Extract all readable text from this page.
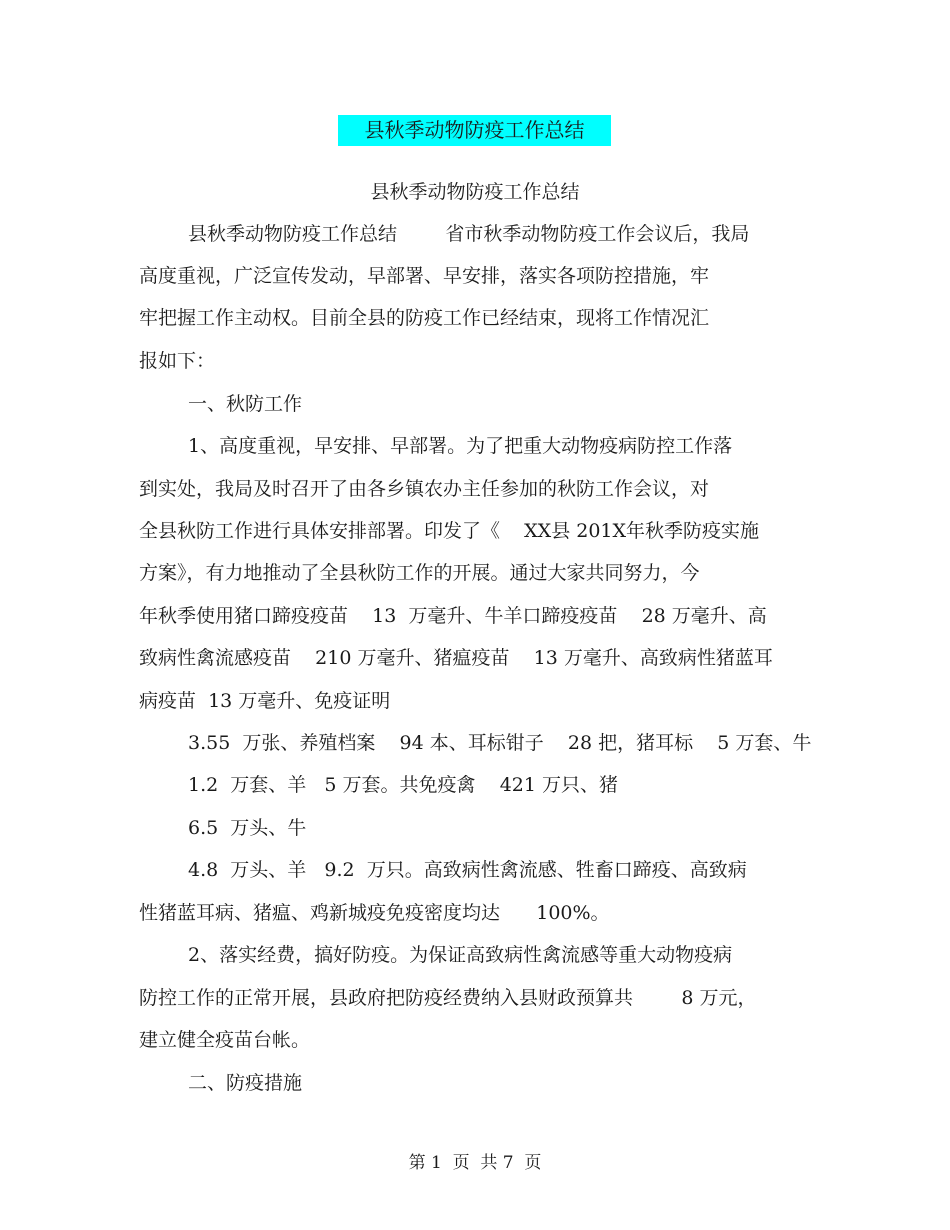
县秋季动物防疫工作总结
县秋季动物防疫工作总结
县秋季动物防疫工作总结        省市秋季动物防疫工作会议后，我局
高度重视，广泛宣传发动，早部署、早安排，落实各项防控措施，牢
牢把握工作主动权。目前全县的防疫工作已经结束，现将工作情况汇
报如下：
一、秋防工作
1、高度重视，早安排、早部署。为了把重大动物疫病防控工作落
到实处，我局及时召开了由各乡镇农办主任参加的秋防工作会议，对
全县秋防工作进行具体安排部署。印发了《    XX县 201X年秋季防疫实施
方案》，有力地推动了全县秋防工作的开展。通过大家共同努力，今
年秋季使用猪口蹄疫疫苗    13  万毫升、牛羊口蹄疫疫苗    28 万毫升、高
致病性禽流感疫苗    210 万毫升、猪瘟疫苗    13 万毫升、高致病性猪蓝耳
病疫苗  13 万毫升、免疫证明
3.55  万张、养殖档案    94 本、耳标钳子    28 把，猪耳标    5 万套、牛
1.2  万套、羊   5 万套。共免疫禽    421 万只、猪
6.5  万头、牛
4.8  万头、羊   9.2  万只。高致病性禽流感、牲畜口蹄疫、高致病
性猪蓝耳病、猪瘟、鸡新城疫免疫密度均达      100%。
2、落实经费，搞好防疫。为保证高致病性禽流感等重大动物疫病
防控工作的正常开展，县政府把防疫经费纳入县财政预算共        8 万元，
建立健全疫苗台帐。
二、防疫措施
第 1  页  共 7  页
